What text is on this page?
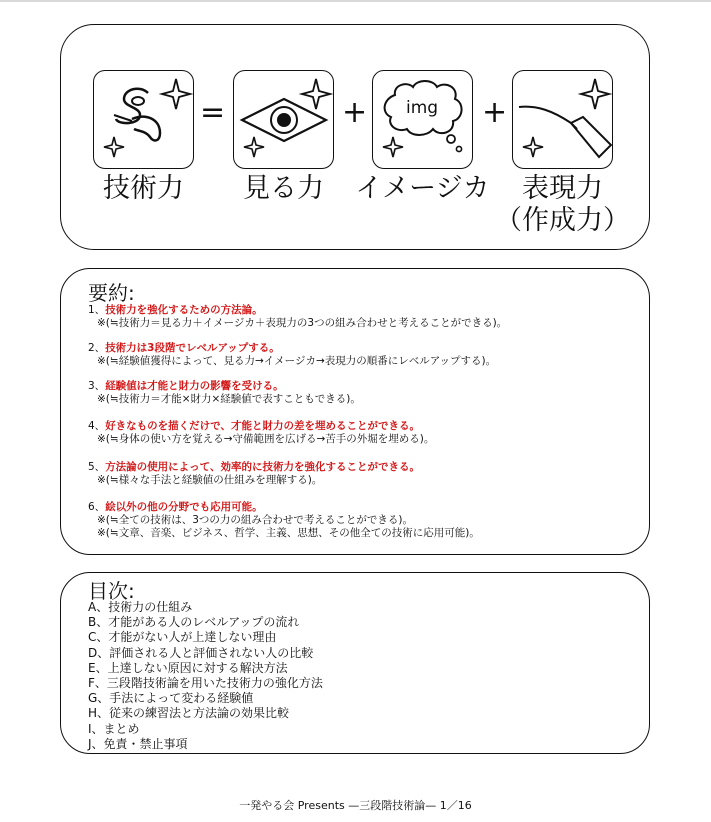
=	+ img +
技術力	見る力	イメージカ	表現力
（作成力）
要約:
1、技術力を強化するための方法論。
※(≒技術力＝見る力＋イメージカ＋表現力の3つの組み合わせと考えることができる)。
2、技術力は3段階でレベルアップする。
※(≒経験値獲得によって、見る力→イメージカ→表現力の順番にレベルアップする)。
3、経験値は才能と財力の影響を受ける。
※(≒技術力＝才能×財力×経験値で表すこともできる)。
4、好きなものを描くだけで、才能と財力の差を埋めることができる。
※(≒身体の使い方を覚える→守備範囲を広げる→苦手の外堀を埋める)。
5、方法論の使用によって、効率的に技術力を強化することができる。
※(≒様々な手法と経験値の仕組みを理解する)。
6、絵以外の他の分野でも応用可能。
※(≒全ての技術は、3つの力の組み合わせで考えることができる)。
※(≒文章、音楽、ビジネス、哲学、主義、思想、その他全ての技術に応用可能)。
目次:
A、技術力の仕組み
B、才能がある人のレベルアップの流れ
C、才能がない人が上達しない理由
D、評価される人と評価されない人の比較
E、上達しない原因に対する解決方法
F、三段階技術論を用いた技術力の強化方法
G、手法によって変わる経験値
H、従来の練習法と方法論の効果比較
I、まとめ
J、免責・禁止事項
一発やる会 Presents —三段階技術論— 1／16
